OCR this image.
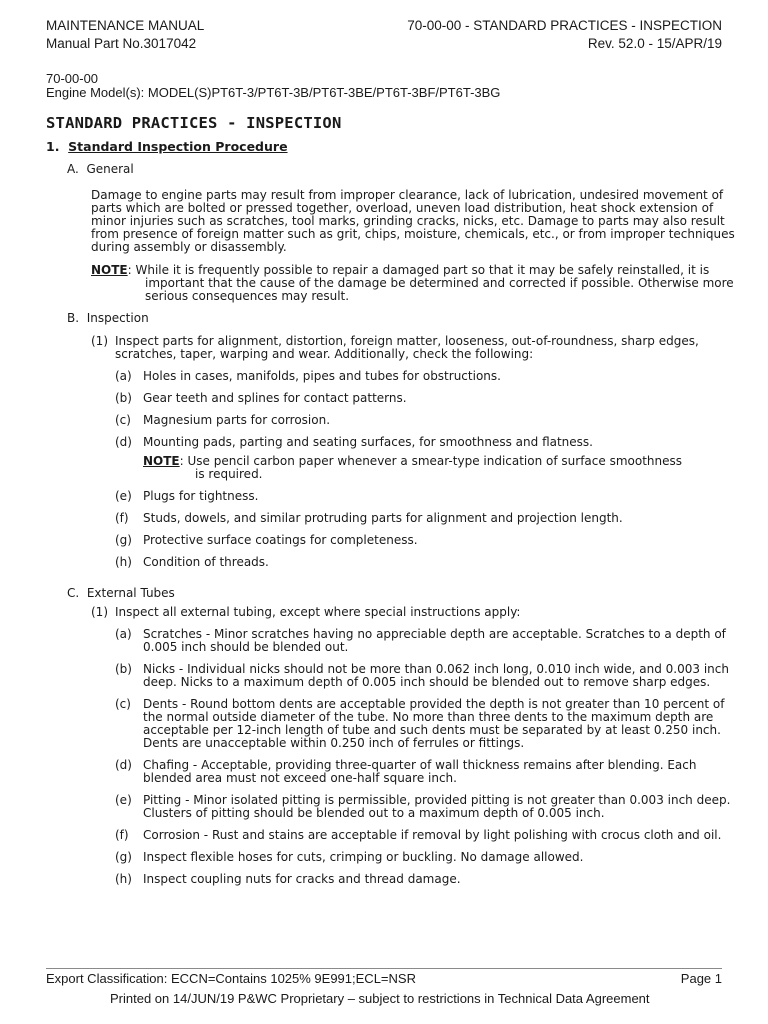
MAINTENANCE MANUAL
Manual Part No.3017042
70-00-00 - STANDARD PRACTICES - INSPECTION
Rev. 52.0 - 15/APR/19
70-00-00
Engine Model(s): MODEL(S)PT6T-3/PT6T-3B/PT6T-3BE/PT6T-3BF/PT6T-3BG
STANDARD PRACTICES - INSPECTION
1. Standard Inspection Procedure
A. General
Damage to engine parts may result from improper clearance, lack of lubrication, undesired movement of parts which are bolted or pressed together, overload, uneven load distribution, heat shock extension of minor injuries such as scratches, tool marks, grinding cracks, nicks, etc. Damage to parts may also result from presence of foreign matter such as grit, chips, moisture, chemicals, etc., or from improper techniques during assembly or disassembly.
NOTE: While it is frequently possible to repair a damaged part so that it may be safely reinstalled, it is important that the cause of the damage be determined and corrected if possible. Otherwise more serious consequences may result.
B. Inspection
(1) Inspect parts for alignment, distortion, foreign matter, looseness, out-of-roundness, sharp edges, scratches, taper, warping and wear. Additionally, check the following:
(a) Holes in cases, manifolds, pipes and tubes for obstructions.
(b) Gear teeth and splines for contact patterns.
(c)	Magnesium parts for corrosion.
(d) Mounting pads, parting and seating surfaces, for smoothness and flatness.
NOTE: Use pencil carbon paper whenever a smear-type indication of surface smoothness is required.
(e) Plugs for tightness.
(f)	Studs, dowels, and similar protruding parts for alignment and projection length.
(g) Protective surface coatings for completeness.
(h) Condition of threads.
C. External Tubes
(1) Inspect all external tubing, except where special instructions apply:
(a) Scratches - Minor scratches having no appreciable depth are acceptable. Scratches to a depth of 0.005 inch should be blended out.
(b) Nicks - Individual nicks should not be more than 0.062 inch long, 0.010 inch wide, and 0.003 inch deep. Nicks to a maximum depth of 0.005 inch should be blended out to remove sharp edges.
(c)	Dents - Round bottom dents are acceptable provided the depth is not greater than 10 percent of the normal outside diameter of the tube. No more than three dents to the maximum depth are acceptable per 12-inch length of tube and such dents must be separated by at least 0.250 inch. Dents are unacceptable within 0.250 inch of ferrules or fittings.
(d) Chafing - Acceptable, providing three-quarter of wall thickness remains after blending. Each blended area must not exceed one-half square inch.
(e) Pitting - Minor isolated pitting is permissible, provided pitting is not greater than 0.003 inch deep. Clusters of pitting should be blended out to a maximum depth of 0.005 inch.
(f)	Corrosion - Rust and stains are acceptable if removal by light polishing with crocus cloth and oil.
(g) Inspect flexible hoses for cuts, crimping or buckling. No damage allowed.
(h) Inspect coupling nuts for cracks and thread damage.
Export Classification: ECCN=Contains 1025% 9E991;ECL=NSR	Page 1
Printed on 14/JUN/19 P&WC Proprietary – subject to restrictions in Technical Data Agreement
